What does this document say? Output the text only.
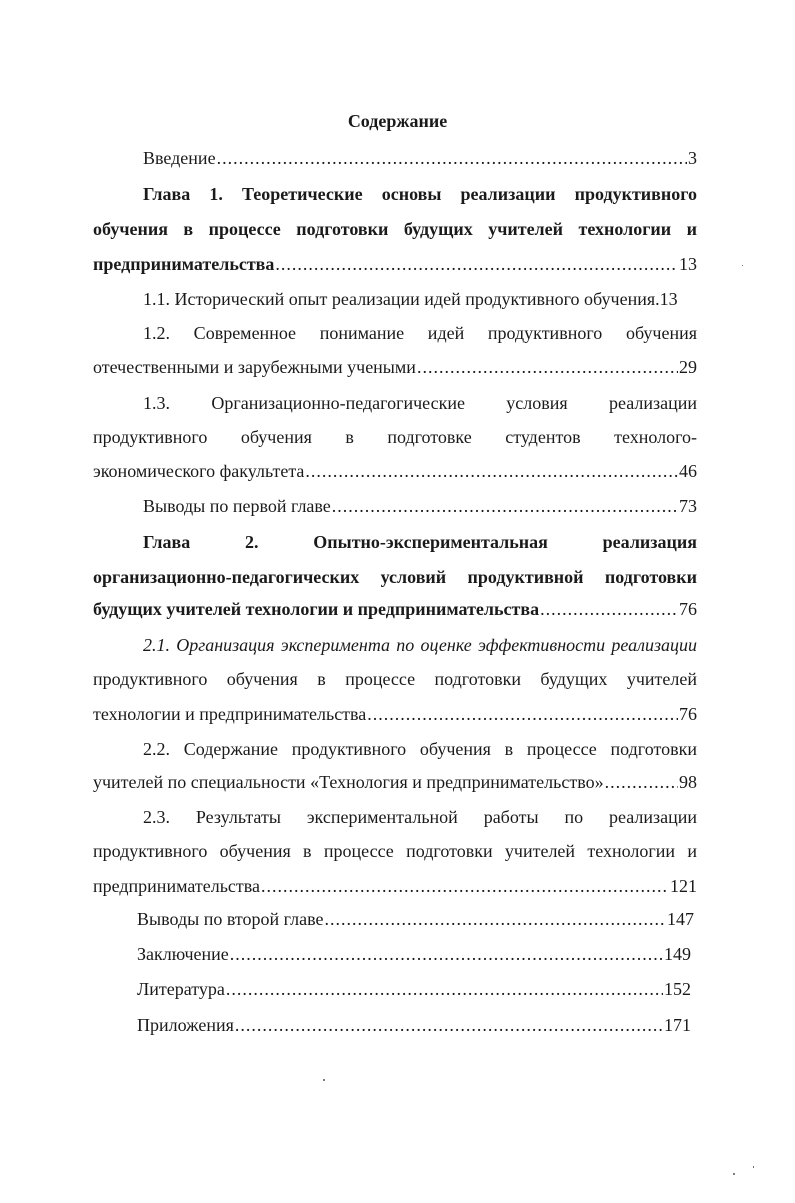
Содержание
Введение .....	3
Глава 1. Теоретические основы реализации продуктивного
обучения в процессе подготовки будущих учителей технологии и
предпринимательства .....	13
1.1. Исторический опыт реализации идей продуктивного обучения.13
1.2. Современное понимание идей продуктивного обучения
отечественными и зарубежными учеными .....	29
1.3. Организационно-педагогические условия реализации
продуктивного обучения в подготовке студентов технолого-
экономического факультета .....	46
Выводы по первой главе .....	73
Глава 2. Опытно-экспериментальная реализация
организационно-педагогических условий продуктивной подготовки
будущих учителей технологии и предпринимательства .....	76
2.1. Организация эксперимента по оценке эффективности реализации
продуктивного обучения в процессе подготовки будущих учителей
технологии и предпринимательства .....	76
2.2. Содержание продуктивного обучения в процессе подготовки
учителей по специальности «Технология и предпринимательство» .....	98
2.3. Результаты экспериментальной работы по реализации
продуктивного обучения в процессе подготовки учителей технологии и
предпринимательства .....	121
Выводы по второй главе .....	147
Заключение .....	149
Литература .....	152
Приложения .....	171
